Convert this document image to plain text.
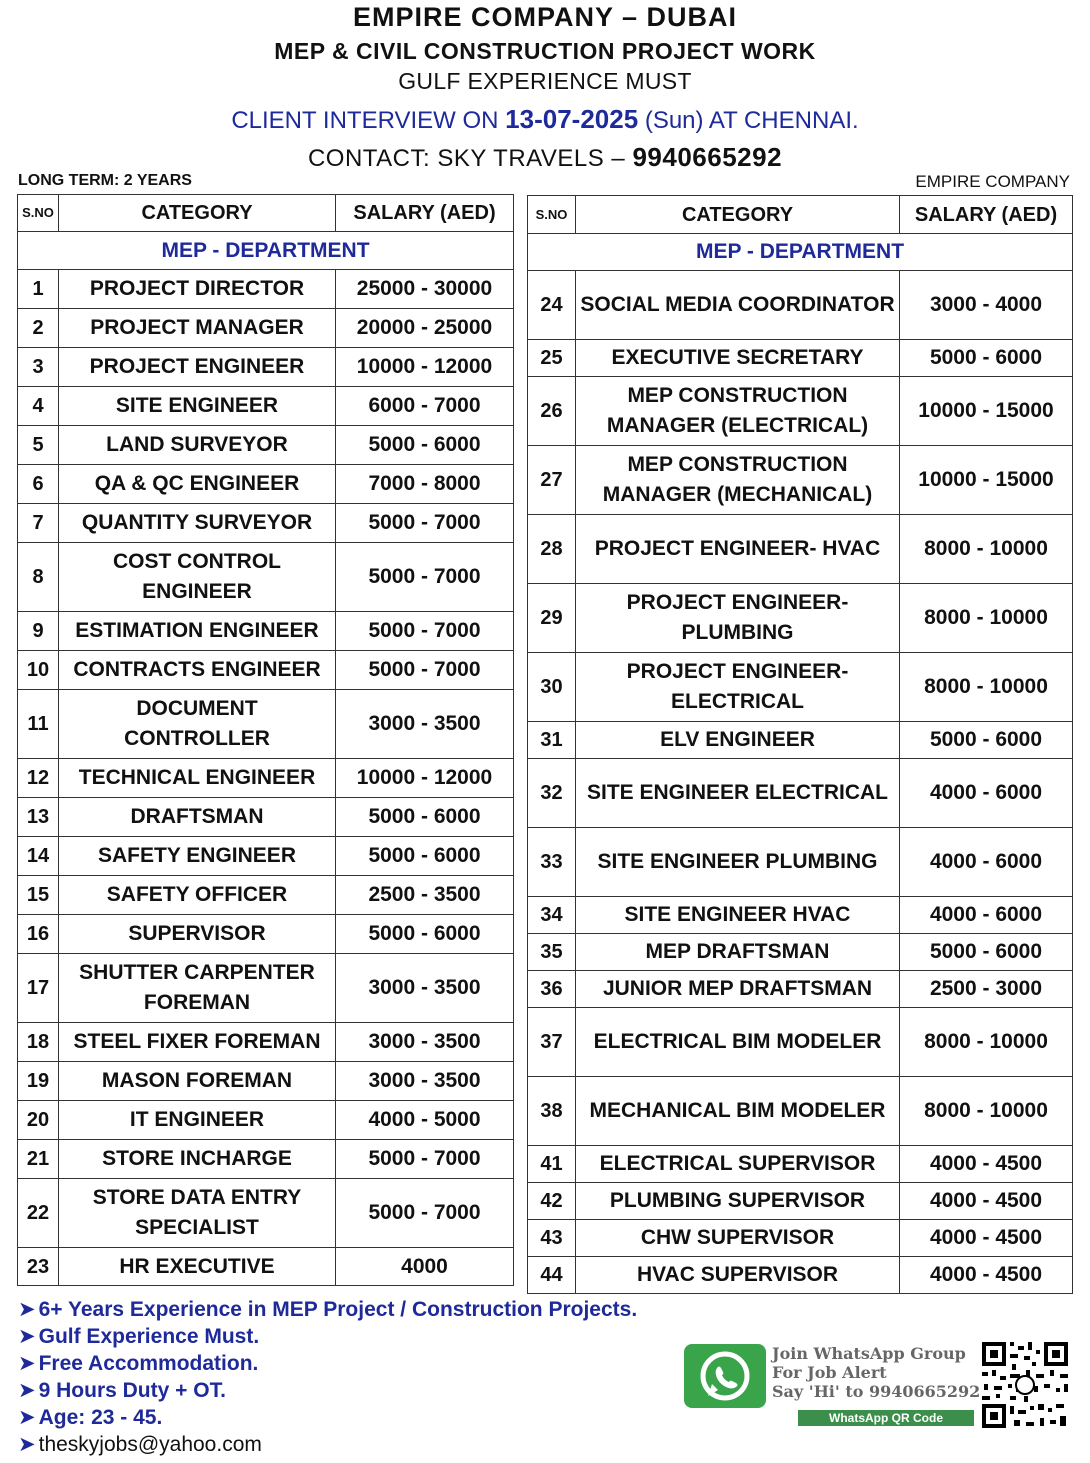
EMPIRE COMPANY – DUBAI
MEP & CIVIL CONSTRUCTION PROJECT WORK
GULF EXPERIENCE MUST
CLIENT INTERVIEW ON 13-07-2025 (Sun) AT CHENNAI.
CONTACT: SKY TRAVELS – 9940665292
LONG TERM: 2 YEARS	EMPIRE COMPANY
S.NO	CATEGORY	SALARY (AED)
MEP - DEPARTMENT		
1	PROJECT DIRECTOR	25000 - 30000
2	PROJECT MANAGER	20000 - 25000
3	PROJECT ENGINEER	10000 - 12000
4	SITE ENGINEER	6000 - 7000
5	LAND SURVEYOR	5000 - 6000
6	QA & QC ENGINEER	7000 - 8000
7	QUANTITY SURVEYOR	5000 - 7000
8	COST CONTROL ENGINEER	5000 - 7000
9	ESTIMATION ENGINEER	5000 - 7000
10	CONTRACTS ENGINEER	5000 - 7000
11	DOCUMENT CONTROLLER	3000 - 3500
12	TECHNICAL ENGINEER	10000 - 12000
13	DRAFTSMAN	5000 - 6000
14	SAFETY ENGINEER	5000 - 6000
15	SAFETY OFFICER	2500 - 3500
16	SUPERVISOR	5000 - 6000
17	SHUTTER CARPENTER FOREMAN	3000 - 3500
18	STEEL FIXER FOREMAN	3000 - 3500
19	MASON FOREMAN	3000 - 3500
20	IT ENGINEER	4000 - 5000
21	STORE INCHARGE	5000 - 7000
22	STORE DATA ENTRY SPECIALIST	5000 - 7000
23	HR EXECUTIVE	4000
S.NO	CATEGORY	SALARY (AED)
MEP - DEPARTMENT		
24	SOCIAL MEDIA COORDINATOR	3000 - 4000
25	EXECUTIVE SECRETARY	5000 - 6000
26	MEP CONSTRUCTION MANAGER (ELECTRICAL)	10000 - 15000
27	MEP CONSTRUCTION MANAGER (MECHANICAL)	10000 - 15000
28	PROJECT ENGINEER- HVAC	8000 - 10000
29	PROJECT ENGINEER-PLUMBING	8000 - 10000
30	PROJECT ENGINEER- ELECTRICAL	8000 - 10000
31	ELV ENGINEER	5000 - 6000
32	SITE ENGINEER ELECTRICAL	4000 - 6000
33	SITE ENGINEER PLUMBING	4000 - 6000
34	SITE ENGINEER HVAC	4000 - 6000
35	MEP DRAFTSMAN	5000 - 6000
36	JUNIOR MEP DRAFTSMAN	2500 - 3000
37	ELECTRICAL BIM MODELER	8000 - 10000
38	MECHANICAL BIM MODELER	8000 - 10000
41	ELECTRICAL SUPERVISOR	4000 - 4500
42	PLUMBING SUPERVISOR	4000 - 4500
43	CHW SUPERVISOR	4000 - 4500
44	HVAC SUPERVISOR	4000 - 4500
➤ 6+ Years Experience in MEP Project / Construction Projects.
➤ Gulf Experience Must.
➤ Free Accommodation.
➤ 9 Hours Duty + OT.
➤ Age: 23 - 45.
➤ theskyjobs@yahoo.com
Join WhatsApp Group
For Job Alert
Say 'Hi' to 9940665292
WhatsApp QR Code
